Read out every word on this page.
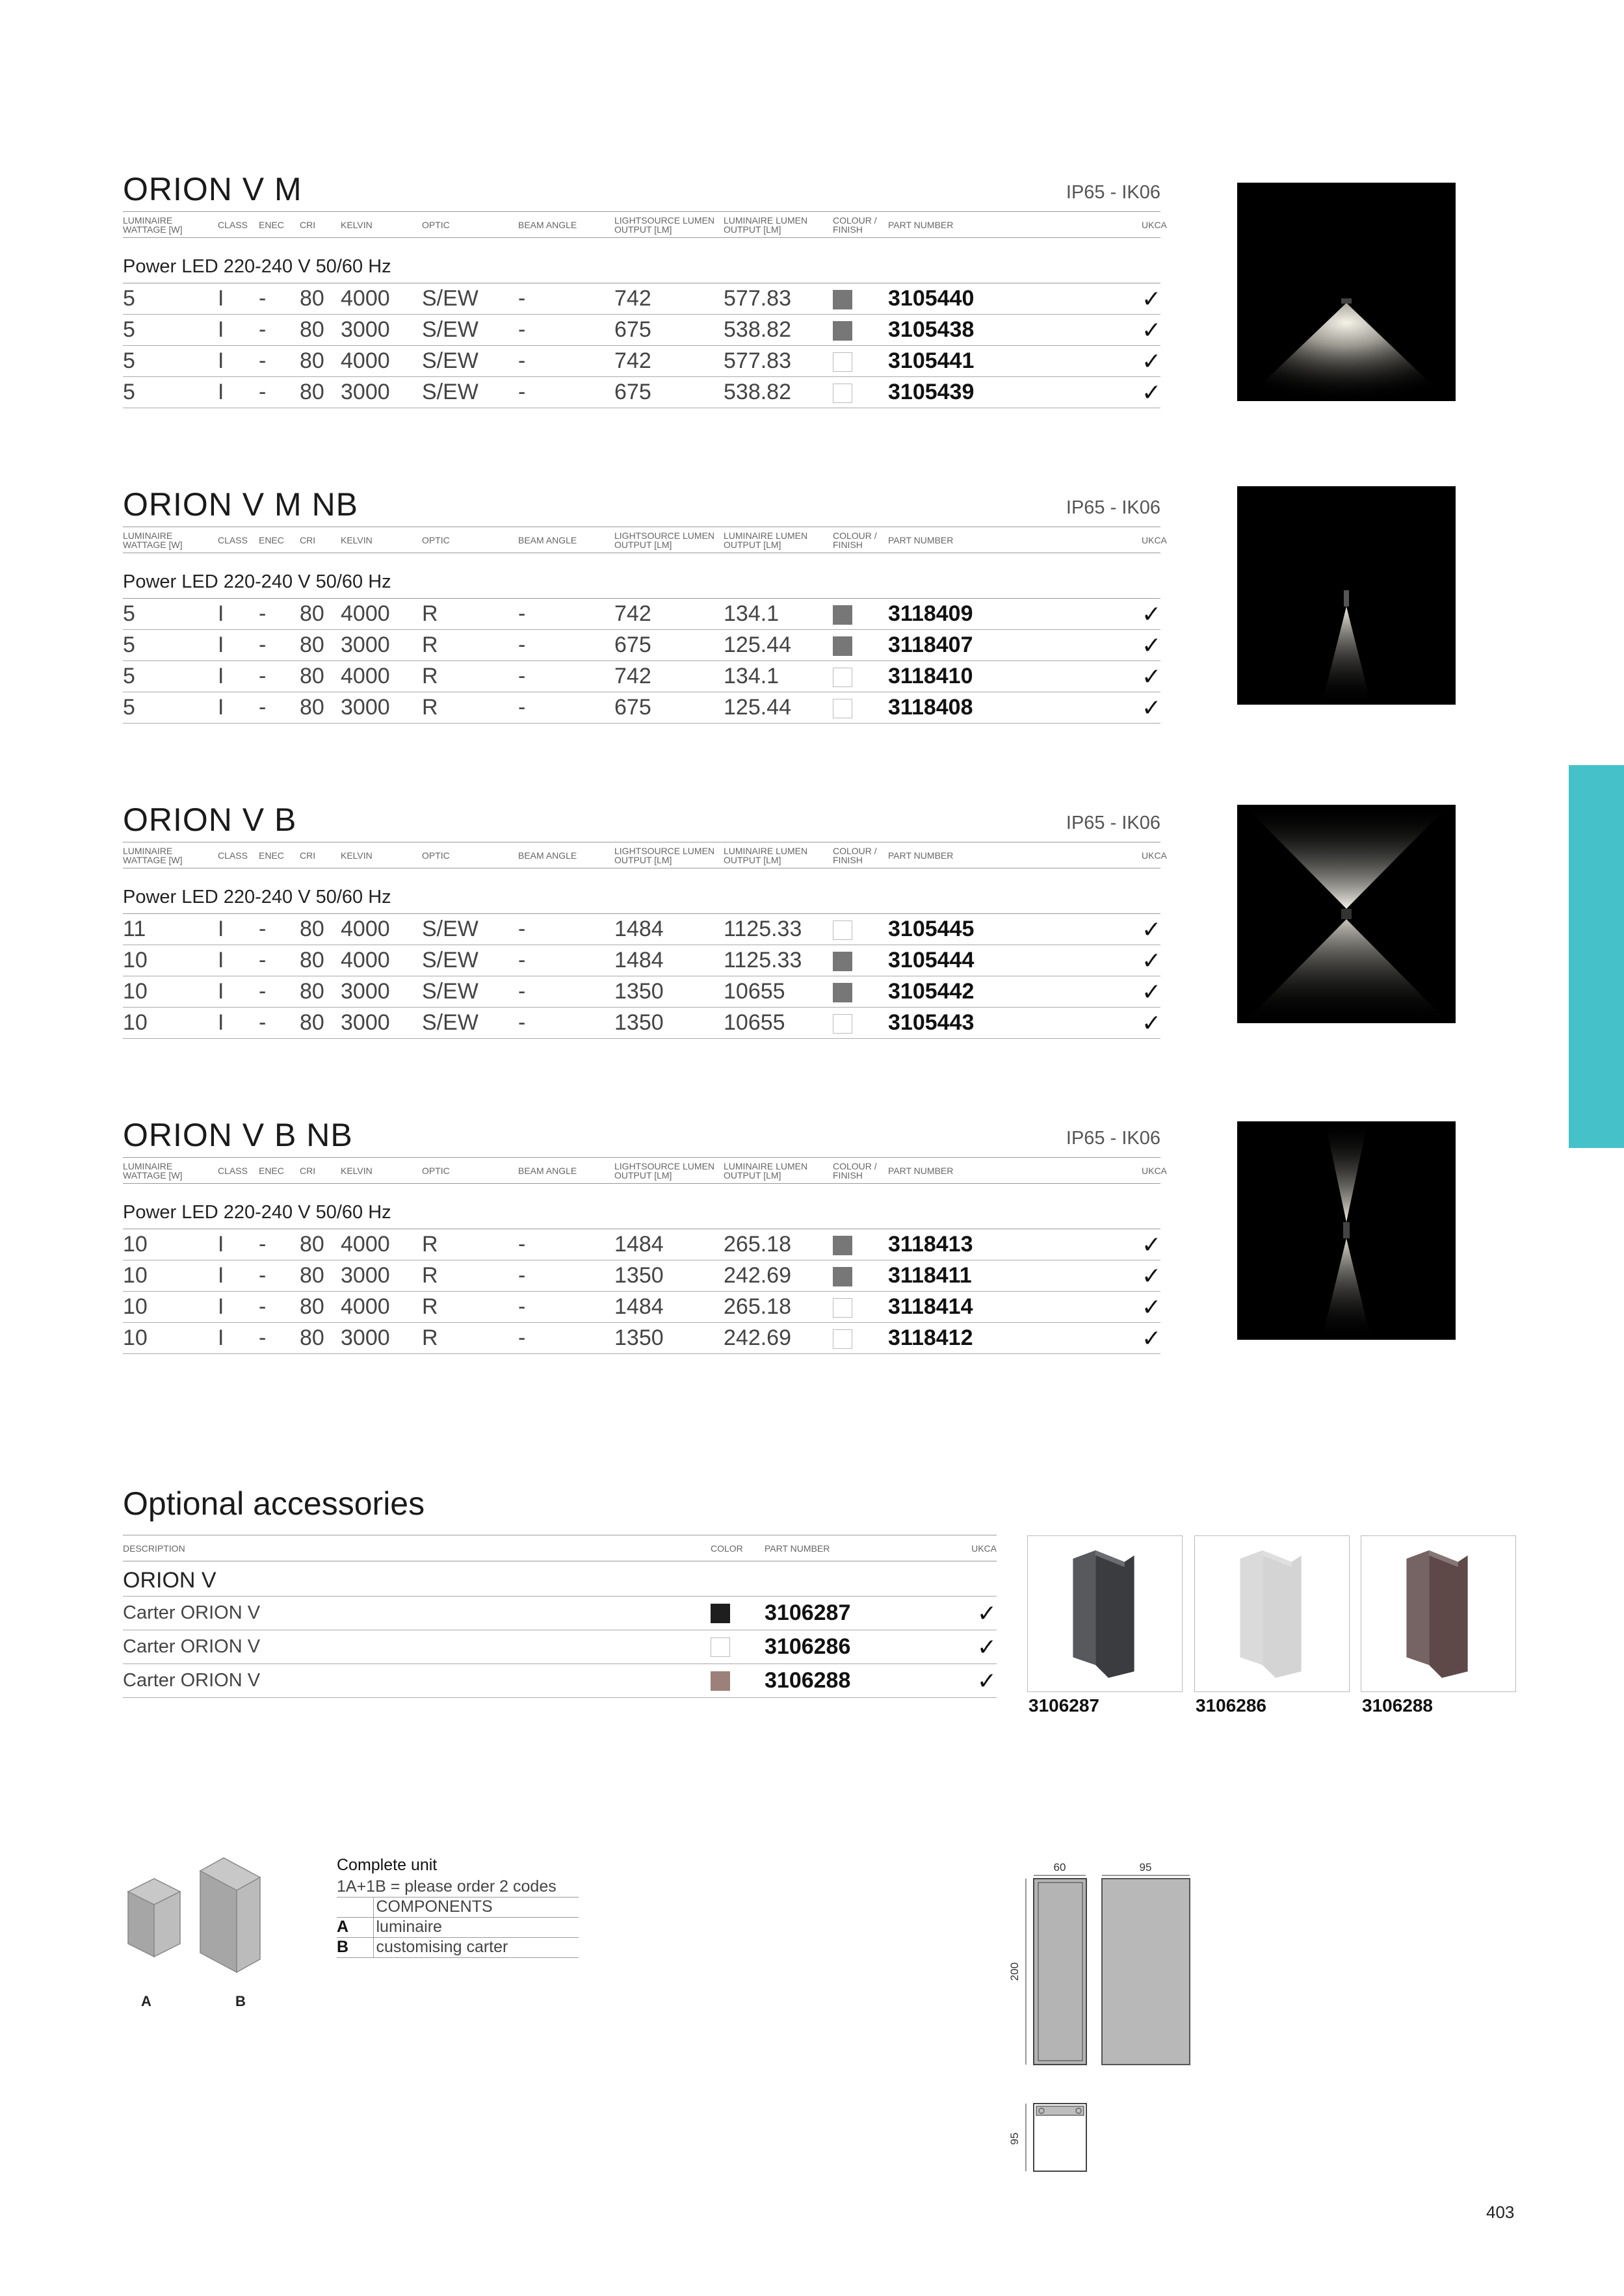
ORION V M	IP65 - IK06
LUMINAIRE WATTAGE [W]	CLASS	ENEC	CRI	KELVIN	OPTIC	BEAM ANGLE	LIGHTSOURCE LUMEN OUTPUT [LM]	LUMINAIRE LUMEN OUTPUT [LM]	COLOUR / FINISH	PART NUMBER	UKCA
Power LED 220-240 V 50/60 Hz											
5	I	-	80	4000	S/EW	-	742	577.83		3105440	✓
5	I	-	80	3000	S/EW	-	675	538.82		3105438	✓
5	I	-	80	4000	S/EW	-	742	577.83		3105441	✓
5	I	-	80	3000	S/EW	-	675	538.82		3105439	✓
ORION V M NB	IP65 - IK06
LUMINAIRE WATTAGE [W]	CLASS	ENEC	CRI	KELVIN	OPTIC	BEAM ANGLE	LIGHTSOURCE LUMEN OUTPUT [LM]	LUMINAIRE LUMEN OUTPUT [LM]	COLOUR / FINISH	PART NUMBER	UKCA
Power LED 220-240 V 50/60 Hz											
5	I	-	80	4000	R	-	742	134.1		3118409	✓
5	I	-	80	3000	R	-	675	125.44		3118407	✓
5	I	-	80	4000	R	-	742	134.1		3118410	✓
5	I	-	80	3000	R	-	675	125.44		3118408	✓
ORION V B	IP65 - IK06
LUMINAIRE WATTAGE [W]	CLASS	ENEC	CRI	KELVIN	OPTIC	BEAM ANGLE	LIGHTSOURCE LUMEN OUTPUT [LM]	LUMINAIRE LUMEN OUTPUT [LM]	COLOUR / FINISH	PART NUMBER	UKCA
Power LED 220-240 V 50/60 Hz											
11	I	-	80	4000	S/EW	-	1484	1125.33		3105445	✓
10	I	-	80	4000	S/EW	-	1484	1125.33		3105444	✓
10	I	-	80	3000	S/EW	-	1350	10655		3105442	✓
10	I	-	80	3000	S/EW	-	1350	10655		3105443	✓
ORION V B NB	IP65 - IK06
LUMINAIRE WATTAGE [W]	CLASS	ENEC	CRI	KELVIN	OPTIC	BEAM ANGLE	LIGHTSOURCE LUMEN OUTPUT [LM]	LUMINAIRE LUMEN OUTPUT [LM]	COLOUR / FINISH	PART NUMBER	UKCA
Power LED 220-240 V 50/60 Hz											
10	I	-	80	4000	R	-	1484	265.18		3118413	✓
10	I	-	80	3000	R	-	1350	242.69		3118411	✓
10	I	-	80	4000	R	-	1484	265.18		3118414	✓
10	I	-	80	3000	R	-	1350	242.69		3118412	✓
Optional accessories
DESCRIPTION	COLOR	PART NUMBER	UKCA
ORION V			
Carter ORION V		3106287	✓
Carter ORION V		3106286	✓
Carter ORION V		3106288	✓
3106287	3106286	3106288
A	B
Complete unit
1A+1B = please order 2 codes	
	COMPONENTS
A	luminaire
B	customising carter
60	95
200
95
403
